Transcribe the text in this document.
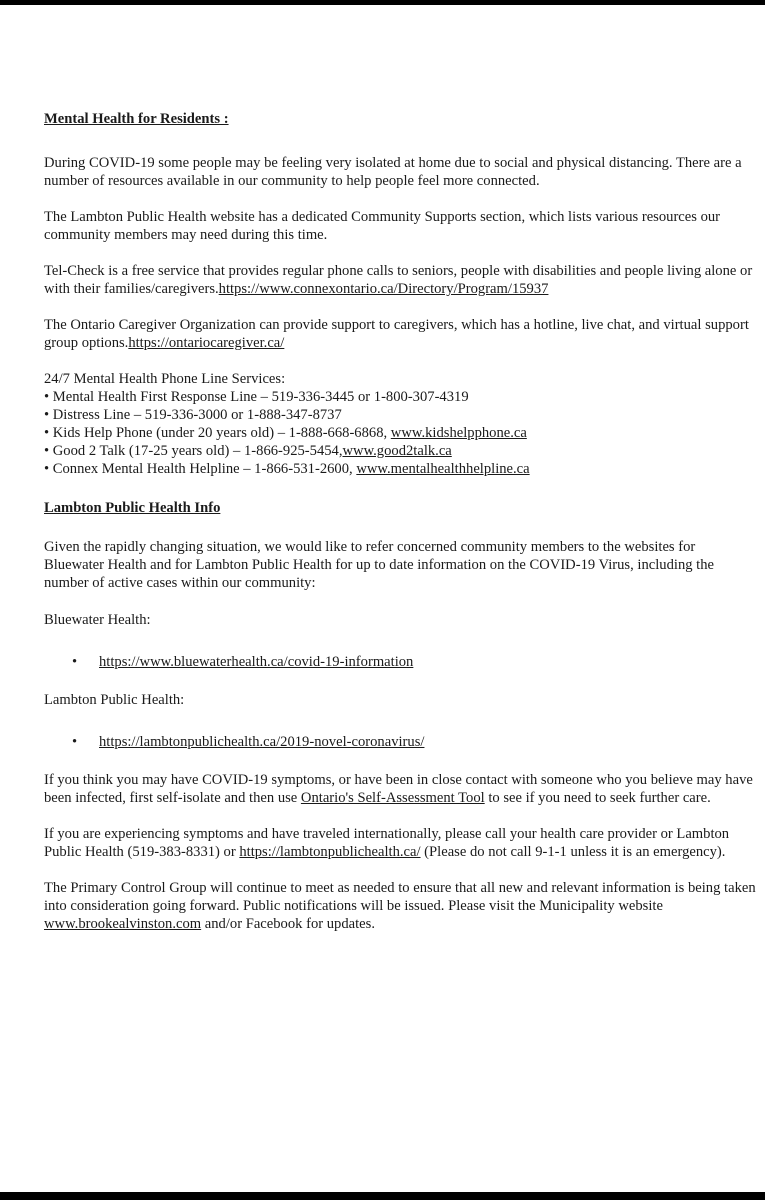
Mental Health for Residents :

During COVID-19 some people may be feeling very isolated at home due to social and physical distancing. There are a number of resources available in our community to help people feel more connected.

The Lambton Public Health website has a dedicated Community Supports section, which lists various resources our community members may need during this time.

Tel-Check is a free service that provides regular phone calls to seniors, people with disabilities and people living alone or with their families/caregivers.https://www.connexontario.ca/Directory/Program/15937

The Ontario Caregiver Organization can provide support to caregivers, which has a hotline, live chat, and virtual support group options.https://ontariocaregiver.ca/

24/7 Mental Health Phone Line Services:

• Mental Health First Response Line – 519-336-3445 or 1-800-307-4319
• Distress Line – 519-336-3000 or 1-888-347-8737
• Kids Help Phone (under 20 years old) – 1-888-668-6868, www.kidshelpphone.ca
• Good 2 Talk (17-25 years old) – 1-866-925-5454,www.good2talk.ca
• Connex Mental Health Helpline – 1-866-531-2600, www.mentalhealthhelpline.ca

Lambton Public Health Info

Given the rapidly changing situation, we would like to refer concerned community members to the websites for Bluewater Health and for Lambton Public Health for up to date information on the COVID-19 Virus, including the number of active cases within our community:

Bluewater Health:

• https://www.bluewaterhealth.ca/covid-19-information

Lambton Public Health:

• https://lambtonpublichealth.ca/2019-novel-coronavirus/

If you think you may have COVID-19 symptoms, or have been in close contact with someone who you believe may have been infected, first self-isolate and then use Ontario's Self-Assessment Tool to see if you need to seek further care.

If you are experiencing symptoms and have traveled internationally, please call your health care provider or Lambton Public Health (519-383-8331) or https://lambtonpublichealth.ca/ (Please do not call 9-1-1 unless it is an emergency).

The Primary Control Group will continue to meet as needed to ensure that all new and relevant information is being taken into consideration going forward. Public notifications will be issued. Please visit the Municipality website www.brookealvinston.com and/or Facebook for updates.
